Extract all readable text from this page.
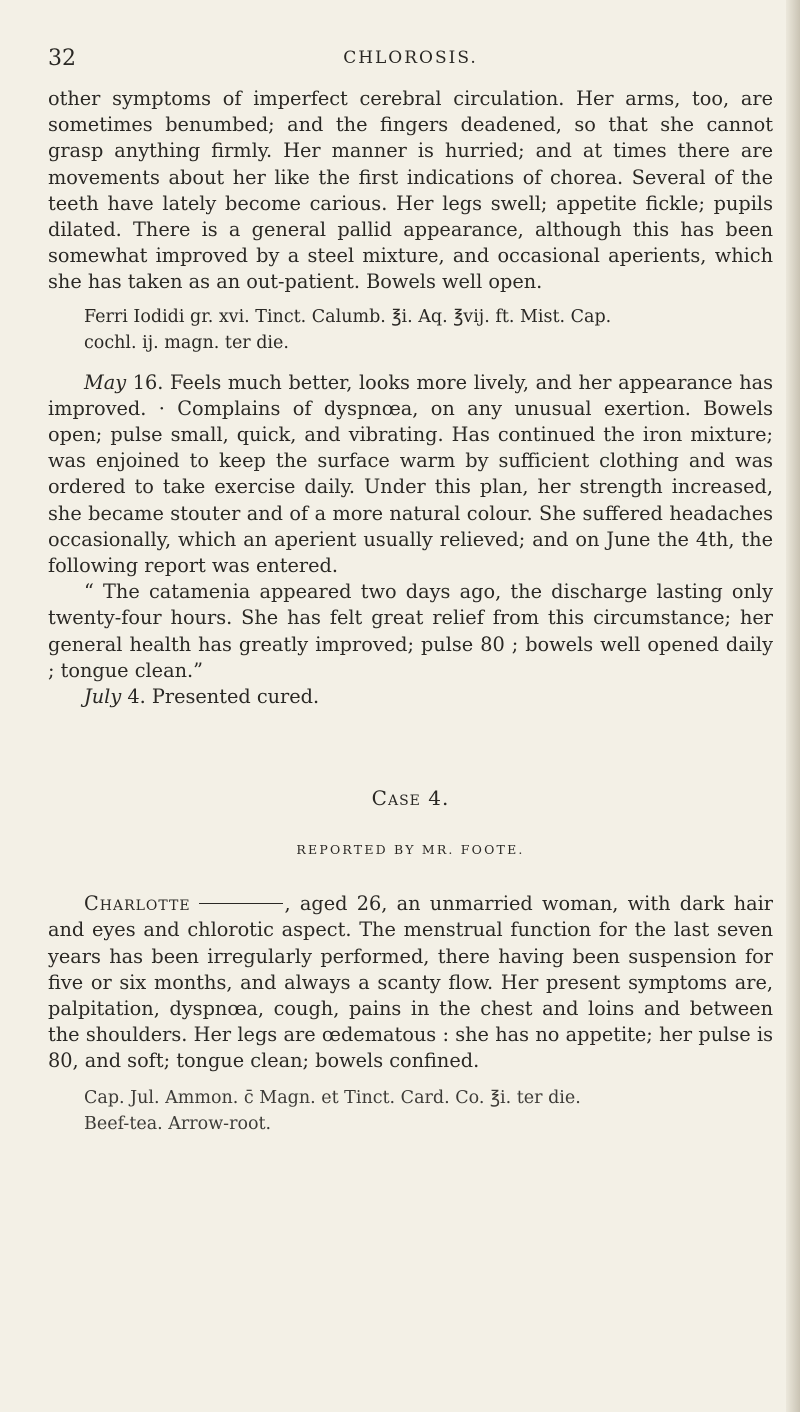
32	CHLOROSIS.

other symptoms of imperfect cerebral circulation. Her arms, too, are sometimes benumbed; and the fingers deadened, so that she cannot grasp anything firmly. Her manner is hurried; and at times there are movements about her like the first indications of chorea. Several of the teeth have lately become carious. Her legs swell; appetite fickle; pupils dilated. There is a general pallid appearance, although this has been somewhat improved by a steel mixture, and occasional aperients, which she has taken as an out-patient. Bowels well open.

Ferri Iodidi gr. xvi. Tinct. Calumb. ℥i. Aq. ℥vij. ft. Mist. Cap.
cochl. ij. magn. ter die.

May 16. Feels much better, looks more lively, and her appearance has improved. · Complains of dyspnœa, on any unusual exertion. Bowels open; pulse small, quick, and vibrating. Has continued the iron mixture; was enjoined to keep the surface warm by sufficient clothing and was ordered to take exercise daily. Under this plan, her strength increased, she became stouter and of a more natural colour. She suffered headaches occasionally, which an aperient usually relieved; and on June the 4th, the following report was entered.

“ The catamenia appeared two days ago, the discharge lasting only twenty-four hours. She has felt great relief from this circumstance; her general health has greatly improved; pulse 80 ; bowels well opened daily ; tongue clean.”

July 4. Presented cured.

Case 4.
REPORTED BY MR. FOOTE.

Charlotte	, aged 26, an unmarried woman, with dark hair and eyes and chlorotic aspect. The menstrual function for the last seven years has been irregularly performed, there having been suspension for five or six months, and always a scanty flow. Her present symptoms are, palpitation, dyspnœa, cough, pains in the chest and loins and between the shoulders. Her legs are œdematous : she has no appetite; her pulse is 80, and soft; tongue clean; bowels confined.

Cap. Jul. Ammon. c̄ Magn. et Tinct. Card. Co. ℥i. ter die.
Beef-tea. Arrow-root.
